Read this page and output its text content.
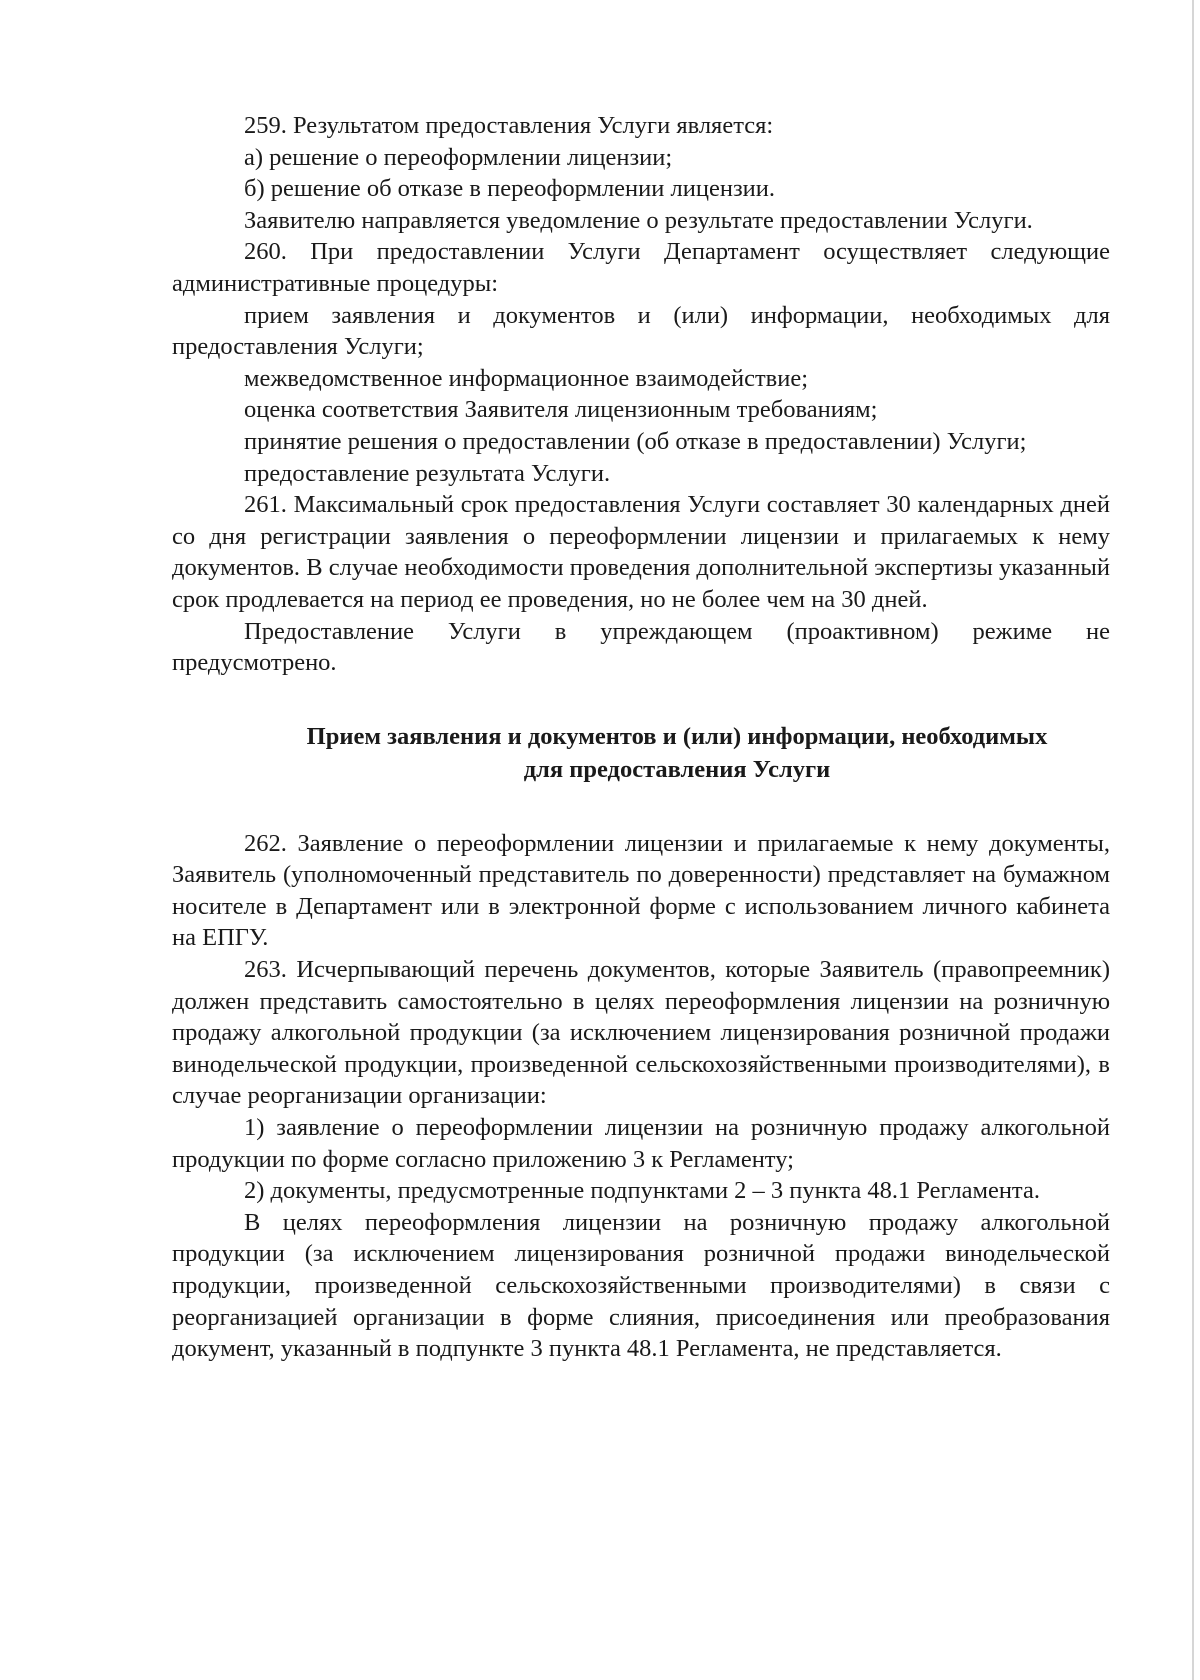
259. Результатом предоставления Услуги является:

а) решение о переоформлении лицензии;

б) решение об отказе в переоформлении лицензии.

Заявителю направляется уведомление о результате предоставлении Услуги.

260. При предоставлении Услуги Департамент осуществляет следующие административные процедуры:

прием заявления и документов и (или) информации, необходимых для предоставления Услуги;

межведомственное информационное взаимодействие;

оценка соответствия Заявителя лицензионным требованиям;

принятие решения о предоставлении (об отказе в предоставлении) Услуги;

предоставление результата Услуги.

261. Максимальный срок предоставления Услуги составляет 30 календарных дней со дня регистрации заявления о переоформлении лицензии и прилагаемых к нему документов. В случае необходимости проведения дополнительной экспертизы указанный срок продлевается на период ее проведения, но не более чем на 30 дней.

Предоставление Услуги в упреждающем (проактивном) режиме не предусмотрено.

Прием заявления и документов и (или) информации, необходимых
для предоставления Услуги

262. Заявление о переоформлении лицензии и прилагаемые к нему документы, Заявитель (уполномоченный представитель по доверенности) представляет на бумажном носителе в Департамент или в электронной форме с использованием личного кабинета на ЕПГУ.

263. Исчерпывающий перечень документов, которые Заявитель (правопреемник) должен представить самостоятельно в целях переоформления лицензии на розничную продажу алкогольной продукции (за исключением лицензирования розничной продажи винодельческой продукции, произведенной сельскохозяйственными производителями), в случае реорганизации организации:

1) заявление о переоформлении лицензии на розничную продажу алкогольной продукции по форме согласно приложению 3 к Регламенту;

2) документы, предусмотренные подпунктами 2 – 3 пункта 48.1 Регламента.

В целях переоформления лицензии на розничную продажу алкогольной продукции (за исключением лицензирования розничной продажи винодельческой продукции, произведенной сельскохозяйственными производителями) в связи с реорганизацией организации в форме слияния, присоединения или преобразования документ, указанный в подпункте 3 пункта 48.1 Регламента, не представляется.
